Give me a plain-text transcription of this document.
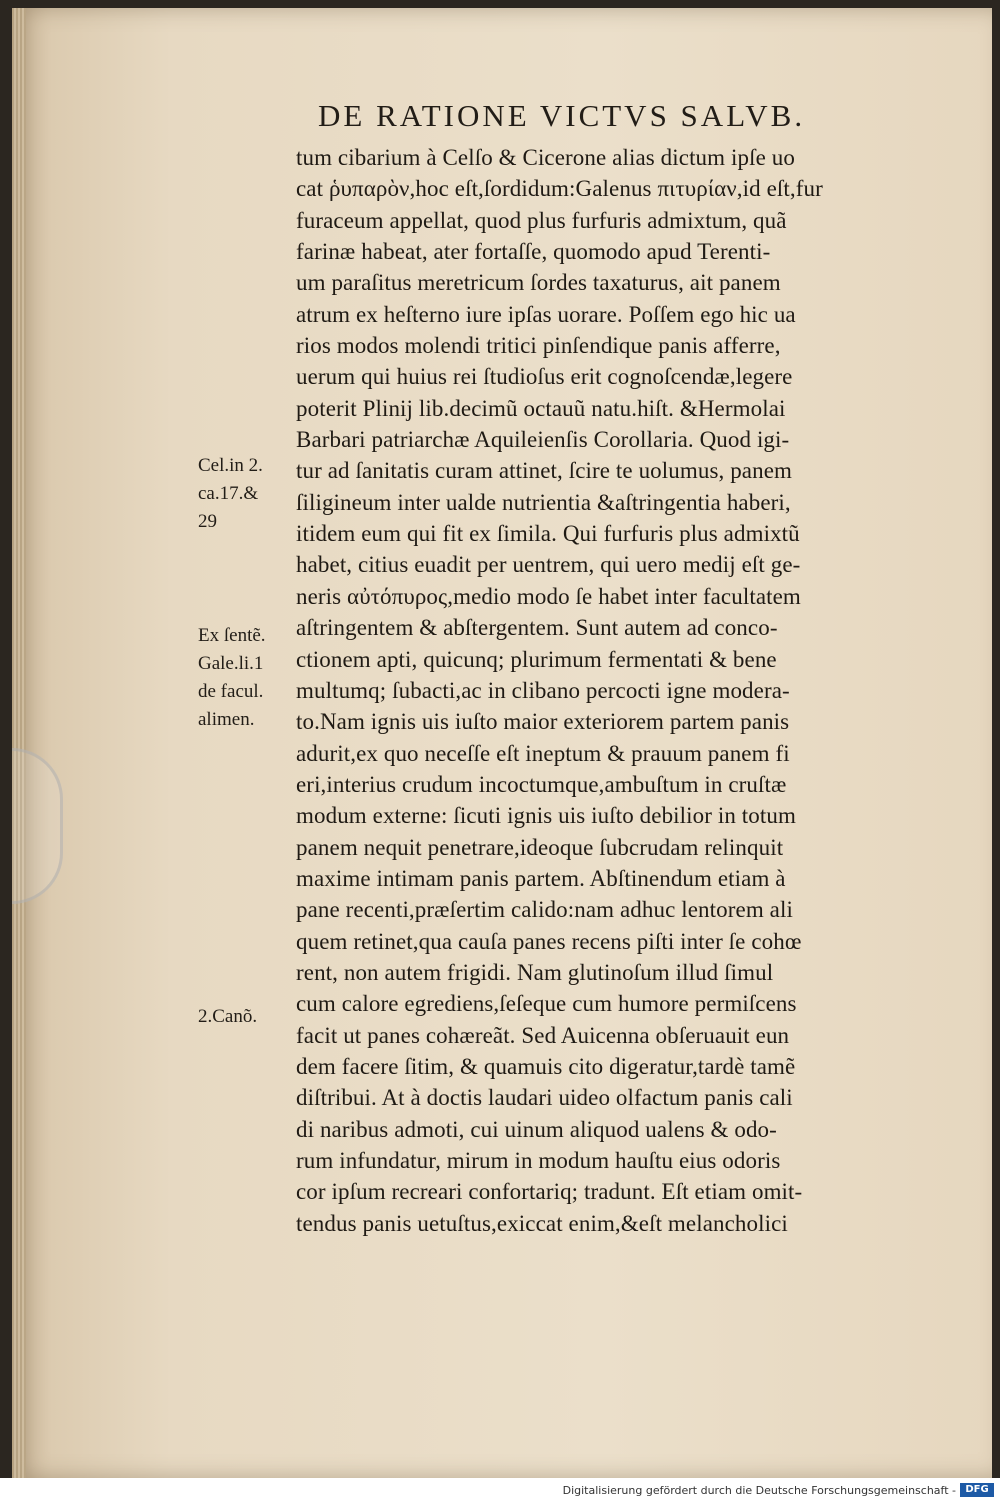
DE RATIONE VICTVS SALVB.
tum cibarium à Celſo & Cicerone alias dictum ipſe uo
cat ῥυπαρὸν,hoc eſt,ſordidum:Galenus πιτυρίαν,id eſt,fur
furaceum appellat, quod plus furfuris admixtum, quã
farinæ habeat, ater fortaſſe, quomodo apud Terenti-
um paraſitus meretricum ſordes taxaturus, ait panem
atrum ex heſterno iure ipſas uorare. Poſſem ego hic ua
rios modos molendi tritici pinſendique panis afferre,
uerum qui huius rei ſtudioſus erit cognoſcendæ,legere
poterit Plinij lib.decimũ octauũ natu.hiſt. &Hermolai
Barbari patriarchæ Aquileienſis Corollaria. Quod igi-
tur ad ſanitatis curam attinet, ſcire te uolumus, panem
ſiligineum inter ualde nutrientia &aſtringentia haberi,
itidem eum qui fit ex ſimila. Qui furfuris plus admixtũ
habet, citius euadit per uentrem, qui uero medij eſt ge-
neris αὐτόπυρος,medio modo ſe habet inter facultatem
aſtringentem & abſtergentem. Sunt autem ad conco-
ctionem apti, quicunq; plurimum fermentati & bene
multumq; ſubacti,ac in clibano percocti igne modera-
to.Nam ignis uis iuſto maior exteriorem partem panis
adurit,ex quo neceſſe eſt ineptum & prauum panem fi
eri,interius crudum incoctumque,ambuſtum in cruſtæ
modum externe: ſicuti ignis uis iuſto debilior in totum
panem nequit penetrare,ideoque ſubcrudam relinquit
maxime intimam panis partem. Abſtinendum etiam à
pane recenti,præſertim calido:nam adhuc lentorem ali
quem retinet,qua cauſa panes recens piſti inter ſe cohœ
rent, non autem frigidi. Nam glutinoſum illud ſimul
cum calore egrediens,ſeſeque cum humore permiſcens
facit ut panes cohæreãt. Sed Auicenna obſeruauit eun
dem facere ſitim, & quamuis cito digeratur,tardè tamẽ
diſtribui. At à doctis laudari uideo olfactum panis cali
di naribus admoti, cui uinum aliquod ualens & odo-
rum infundatur, mirum in modum hauſtu eius odoris
cor ipſum recreari confortariq; tradunt. Eſt etiam omit-
tendus panis uetuſtus,exiccat enim,&eſt melancholici
Cel.in 2.
ca.17.&
29
Ex ſentẽ.
Gale.li.1
de facul.
alimen.
2.Canõ.
Digitalisierung gefördert durch die Deutsche Forschungsgemeinschaft - DFG
